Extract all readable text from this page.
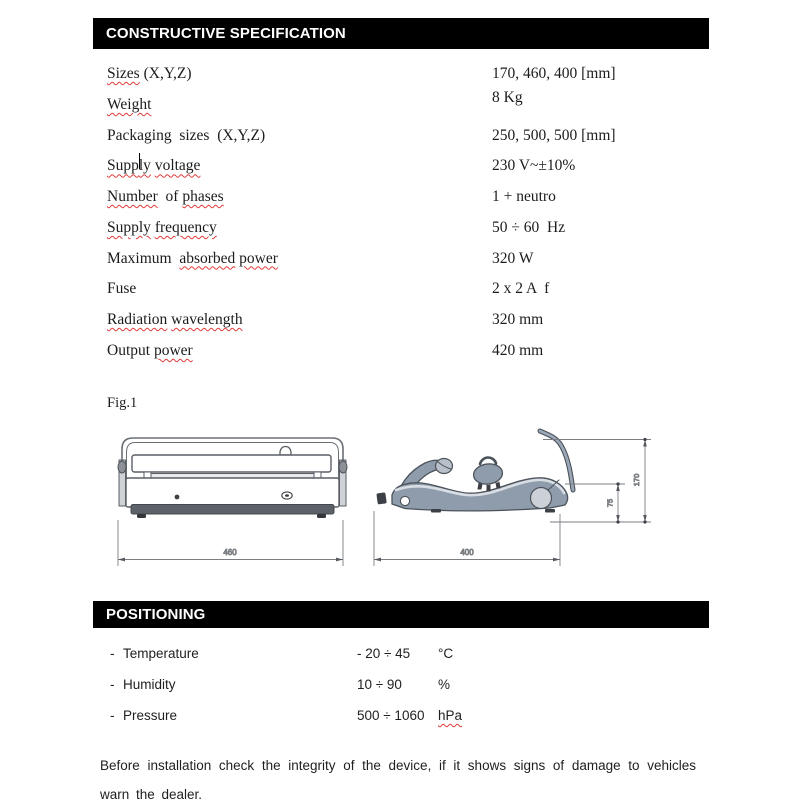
CONSTRUCTIVE SPECIFICATION
Sizes (X,Y,Z)	170, 460, 400 [mm]
Weight	8 Kg
Packaging  sizes  (X,Y,Z)	250, 500, 500 [mm]
Supply voltage	230 V~±10%
Number  of phases	1 + neutro
Supply frequency	50 ÷ 60  Hz
Maximum  absorbed power	320 W
Fuse	2 x 2 A  f
Radiation wavelength	320 mm
Output power	420 mm
Fig.1
460	400
75
170
POSITIONING
- Temperature	- 20 ÷ 45 °C
- Humidity	10 ÷ 90	%
- Pressure	500 ÷ 1060 hPa

Before installation check the integrity of the device, if it shows signs of damage to vehicles warn the dealer.
